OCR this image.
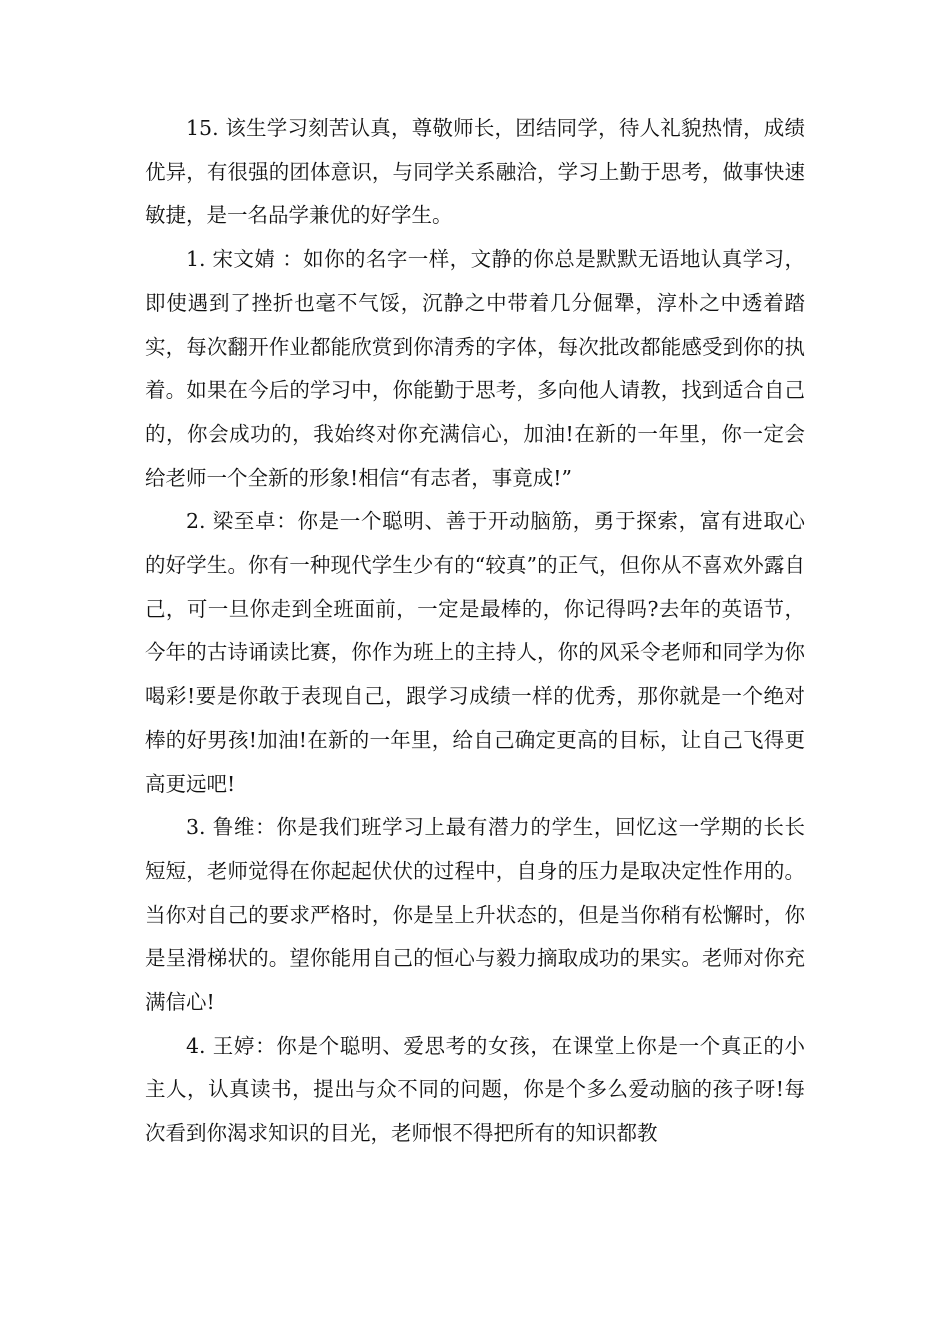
15. 该生学习刻苦认真，尊敬师长，团结同学，待人礼貌热情，成绩优异，有很强的团体意识，与同学关系融洽，学习上勤于思考，做事快速敏捷，是一名品学兼优的好学生。

1. 宋文婧 ：如你的名字一样，文静的你总是默默无语地认真学习，即使遇到了挫折也毫不气馁，沉静之中带着几分倔犟，淳朴之中透着踏实，每次翻开作业都能欣赏到你清秀的字体，每次批改都能感受到你的执着。如果在今后的学习中，你能勤于思考，多向他人请教，找到适合自己的，你会成功的，我始终对你充满信心，加油!在新的一年里，你一定会给老师一个全新的形象!相信“有志者，事竟成!”

2. 梁至卓：你是一个聪明、善于开动脑筋，勇于探索，富有进取心的好学生。你有一种现代学生少有的“较真”的正气，但你从不喜欢外露自己，可一旦你走到全班面前，一定是最棒的，你记得吗?去年的英语节，今年的古诗诵读比赛，你作为班上的主持人，你的风采令老师和同学为你喝彩!要是你敢于表现自己，跟学习成绩一样的优秀，那你就是一个绝对棒的好男孩!加油!在新的一年里，给自己确定更高的目标，让自己飞得更高更远吧!

3. 鲁维：你是我们班学习上最有潜力的学生，回忆这一学期的长长短短，老师觉得在你起起伏伏的过程中，自身的压力是取决定性作用的。当你对自己的要求严格时，你是呈上升状态的，但是当你稍有松懈时，你是呈滑梯状的。望你能用自己的恒心与毅力摘取成功的果实。老师对你充满信心!

4. 王婷：你是个聪明、爱思考的女孩，在课堂上你是一个真正的小主人，认真读书，提出与众不同的问题，你是个多么爱动脑的孩子呀!每次看到你渴求知识的目光，老师恨不得把所有的知识都教
